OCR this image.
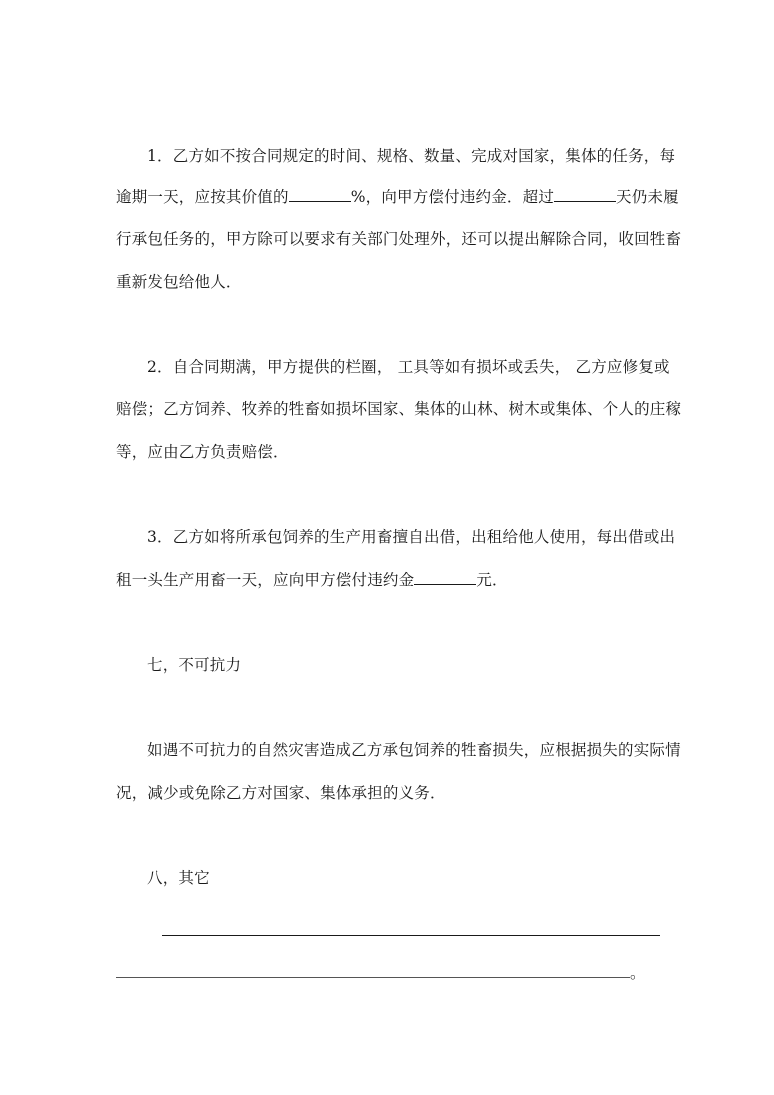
1．乙方如不按合同规定的时间、规格、数量、完成对国家，集体的任务，每
逾期一天，应按其价值的	%，向甲方偿付违约金．超过	天仍未履
行承包任务的，甲方除可以要求有关部门处理外，还可以提出解除合同，收回牲畜
重新发包给他人．
2．自合同期满，甲方提供的栏圈， 工具等如有损坏或丢失， 乙方应修复或
赔偿；乙方饲养、牧养的牲畜如损坏国家、集体的山林、树木或集体、个人的庄稼
等，应由乙方负责赔偿．
3．乙方如将所承包饲养的生产用畜擅自出借，出租给他人使用，每出借或出
租一头生产用畜一天，应向甲方偿付违约金	元．
七，不可抗力
如遇不可抗力的自然灾害造成乙方承包饲养的牲畜损失，应根据损失的实际情
况，减少或免除乙方对国家、集体承担的义务．
八，其它
。
